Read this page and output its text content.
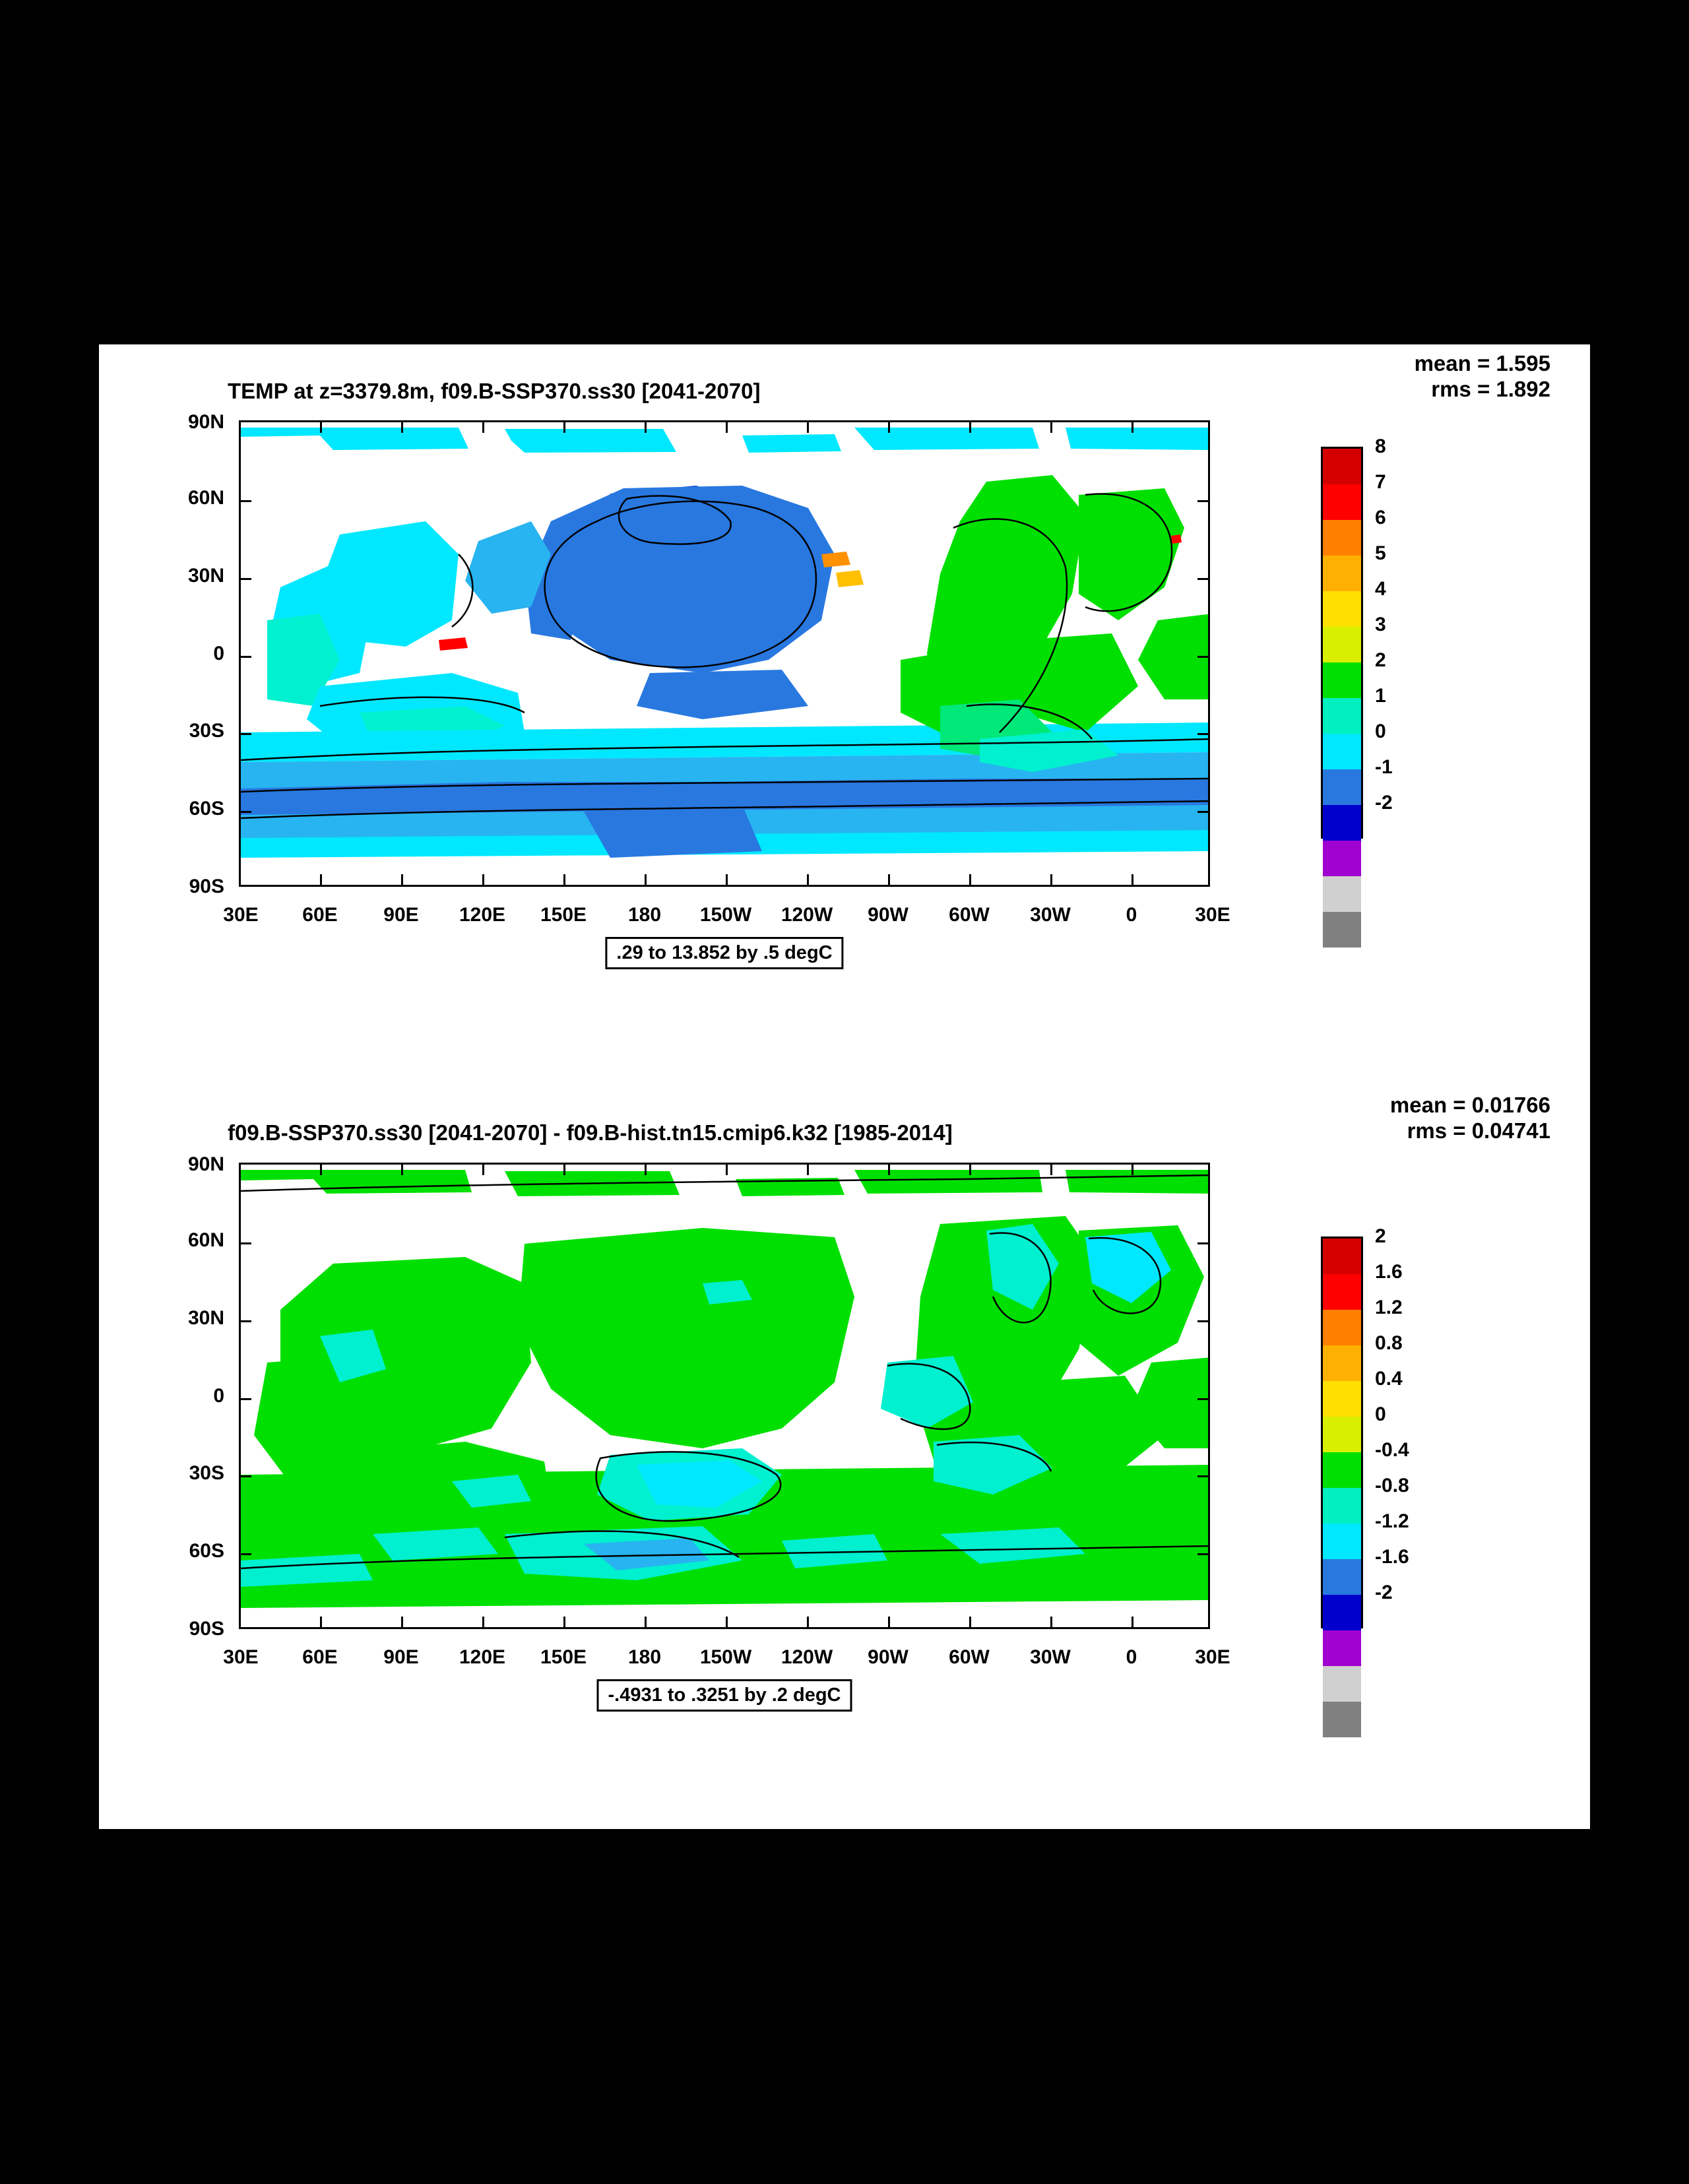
mean = 1.595
rms = 1.892
TEMP at z=3379.8m, f09.B-SSP370.ss30 [2041-2070]
90N
60N
30N
0
30S
60S
90S
30E 60E 90E 120E 150E 180 150W 120W 90W 60W 30W	0	30E
.29 to 13.852 by .5 degC
8
7
6
5
4
3
2
1
0
-1
-2
mean = 0.01766
rms = 0.04741
f09.B-SSP370.ss30 [2041-2070] - f09.B-hist.tn15.cmip6.k32 [1985-2014]
90N
60N
30N
0
30S
60S
90S
30E 60E 90E 120E 150E 180 150W 120W 90W 60W 30W	0	30E
-.4931 to .3251 by .2 degC
2
1.6
1.2
0.8
0.4
0
-0.4
-0.8
-1.2
-1.6
-2
